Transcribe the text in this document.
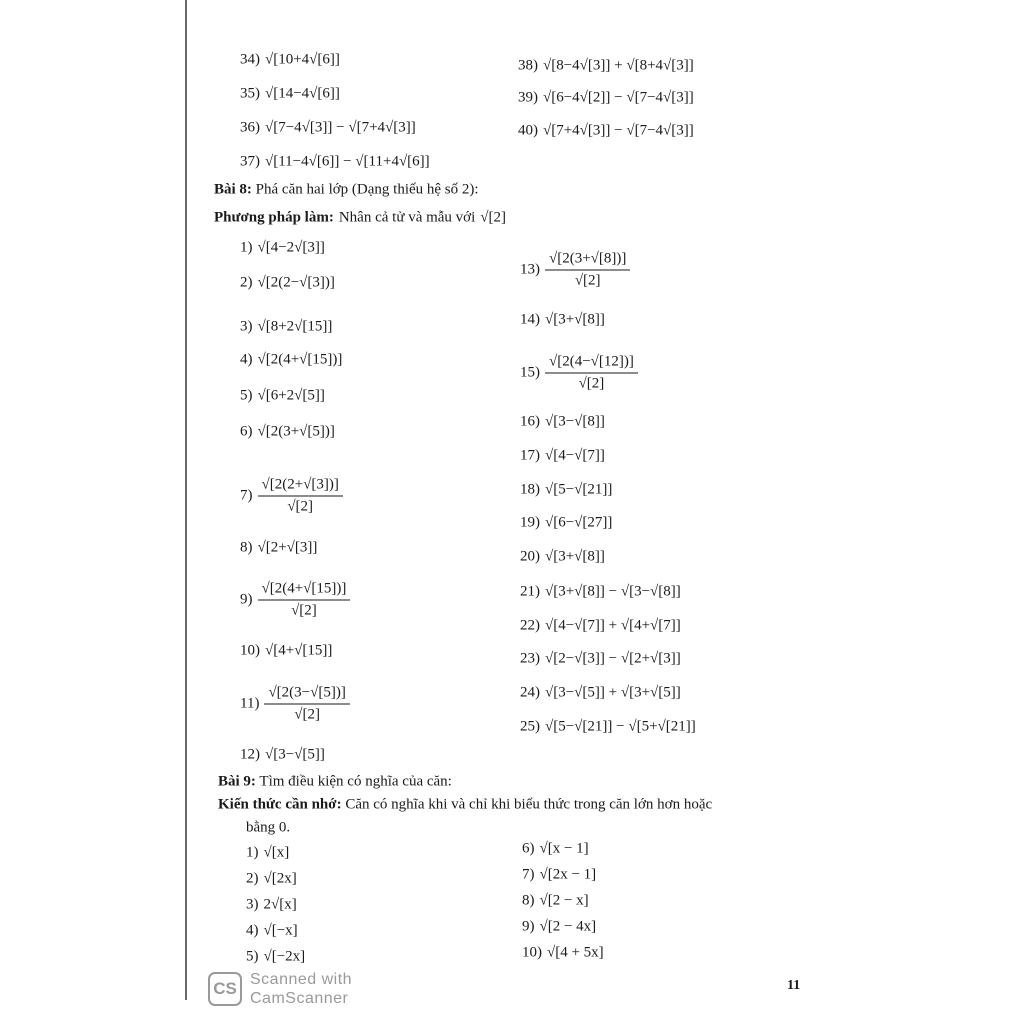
34) √[10+4√[6]]
35) √[14−4√[6]]
36) √[7−4√[3]] − √[7+4√[3]]
37) √[11−4√[6]] − √[11+4√[6]]
38) √[8−4√[3]] + √[8+4√[3]]
39) √[6−4√[2]] − √[7−4√[3]]
40) √[7+4√[3]] − √[7−4√[3]]
Bài 8: Phá căn hai lớp (Dạng thiếu hệ số 2):
Phương pháp làm: Nhân cả tử và mẫu với √[2]
1) √[4−2√[3]]
2) √[2(2−√[3])]
3) √[8+2√[15]]
4) √[2(4+√[15])]
5) √[6+2√[5]]
6) √[2(3+√[5])]
$7) \frac{√[2(2+√[3])]}{√[2]}$
8) √[2+√[3]]
$9) \frac{√[2(4+√[15])]}{√[2]}$
10) √[4+√[15]]
$11) \frac{√[2(3-√[5])]}{√[2]}$
12) √[3−√[5]]
$13) \frac{√[2(3+√[8])]}{√[2]}$
14) √[3+√[8]]
$15) \frac{√[2(4-√[12])]}{√[2]}$
16) √[3−√[8]]
17) √[4−√[7]]
18) √[5−√[21]]
19) √[6−√[27]]
20) √[3+√[8]]
21) √[3+√[8]] − √[3−√[8]]
22) √[4−√[7]] + √[4+√[7]]
23) √[2−√[3]] − √[2+√[3]]
24) √[3−√[5]] + √[3+√[5]]
25) √[5−√[21]] − √[5+√[21]]
Bài 9: Tìm điều kiện có nghĩa của căn:
Kiến thức cần nhớ: Căn có nghĩa khi và chỉ khi biểu thức trong căn lớn hơn hoặc
bằng 0.
1) √[x]
2) √[2x]
3) 2√[x]
4) √[−x]
5) √[−2x]
6) √[x − 1]
7) √[2x − 1]
8) √[2 − x]
9) √[2 − 4x]
10) √[4 + 5x]
CS Scanned with
CamScanner
11
